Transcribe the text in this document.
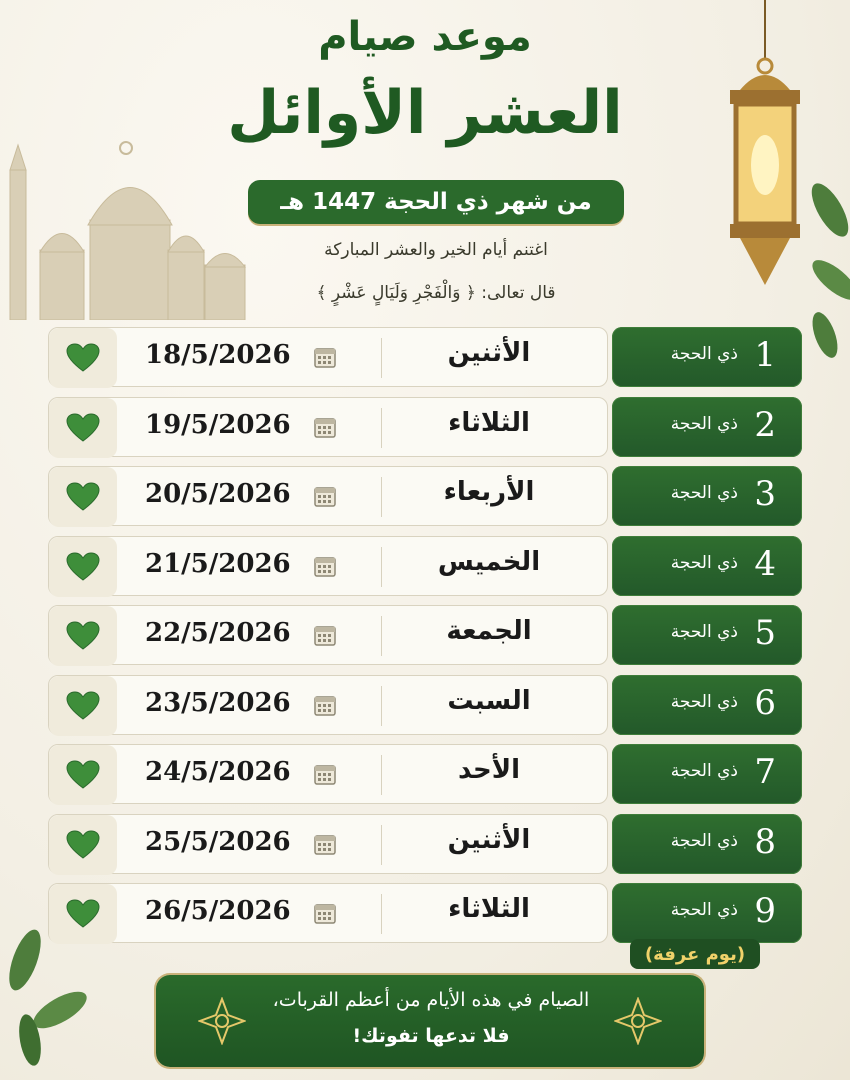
موعد صيام
العشر الأوائل
من شهر ذي الحجة 1447 هـ
اغتنم أيام الخير والعشر المباركة
قال تعالى: ﴿ وَالْفَجْرِ وَلَيَالٍ عَشْرٍ ﴾
18/5/2026	الأثنين	1
ذي الحجة
19/5/2026	الثلاثاء	2
ذي الحجة
20/5/2026	الأربعاء	3
ذي الحجة
21/5/2026	الخميس	4
ذي الحجة
22/5/2026	الجمعة	5
ذي الحجة
23/5/2026	السبت	6
ذي الحجة
24/5/2026	الأحد	7
ذي الحجة
25/5/2026	الأثنين	8
ذي الحجة
26/5/2026	الثلاثاء	9
ذي الحجة
(يوم عرفة)
الصيام في هذه الأيام من أعظم القربات،
فلا تدعها تفوتك!
